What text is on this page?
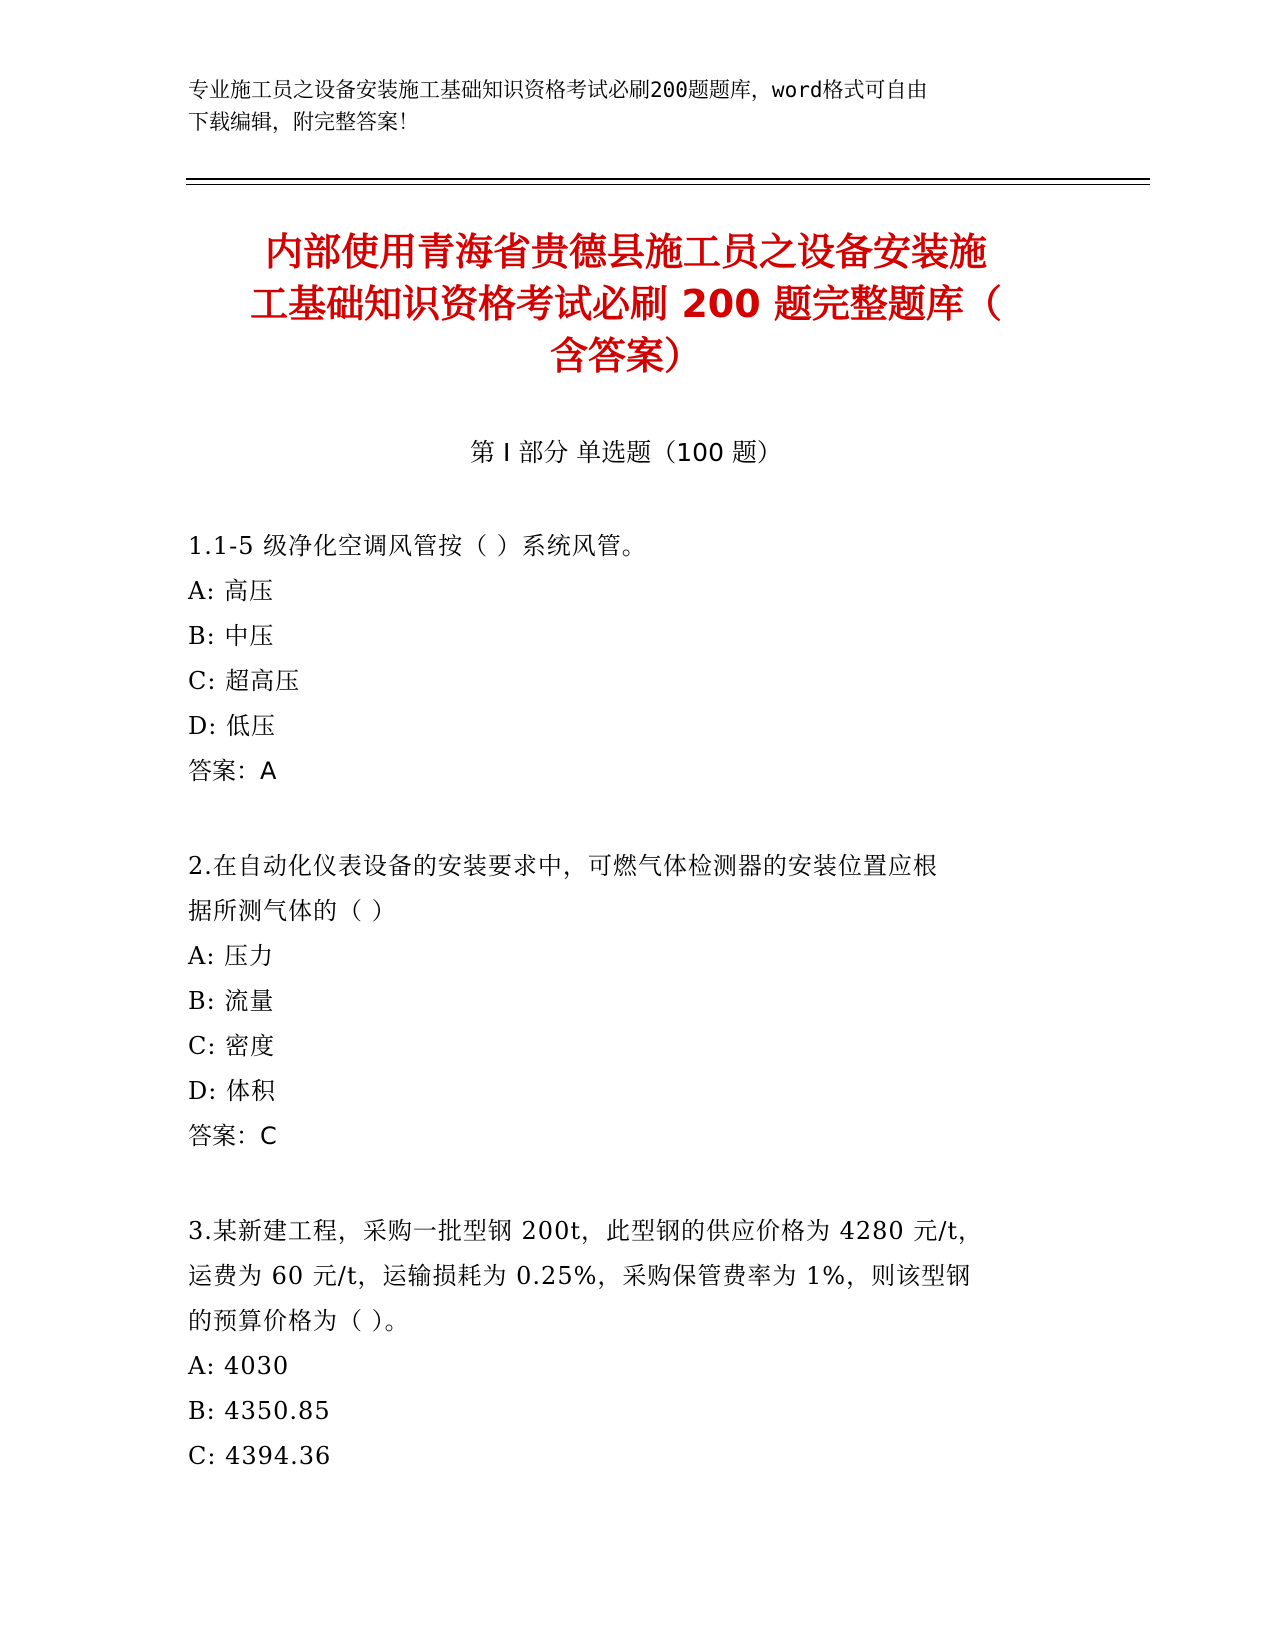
专业施工员之设备安装施工基础知识资格考试必刷200题题库，word格式可自由
下载编辑，附完整答案！
内部使用青海省贵德县施工员之设备安装施
工基础知识资格考试必刷 200 题完整题库（
含答案）
第 I 部分 单选题（100 题）

1.1-5 级净化空调风管按（ ）系统风管。

A: 高压

B: 中压

C: 超高压

D: 低压

答案：A

2.在自动化仪表设备的安装要求中，可燃气体检测器的安装位置应根

据所测气体的（ ）

A: 压力

B: 流量

C: 密度

D: 体积

答案：C

3.某新建工程，采购一批型钢 200t，此型钢的供应价格为 4280 元/t，

运费为 60 元/t，运输损耗为 0.25%，采购保管费率为 1%，则该型钢

的预算价格为（ ）。

A: 4030

B: 4350.85

C: 4394.36
